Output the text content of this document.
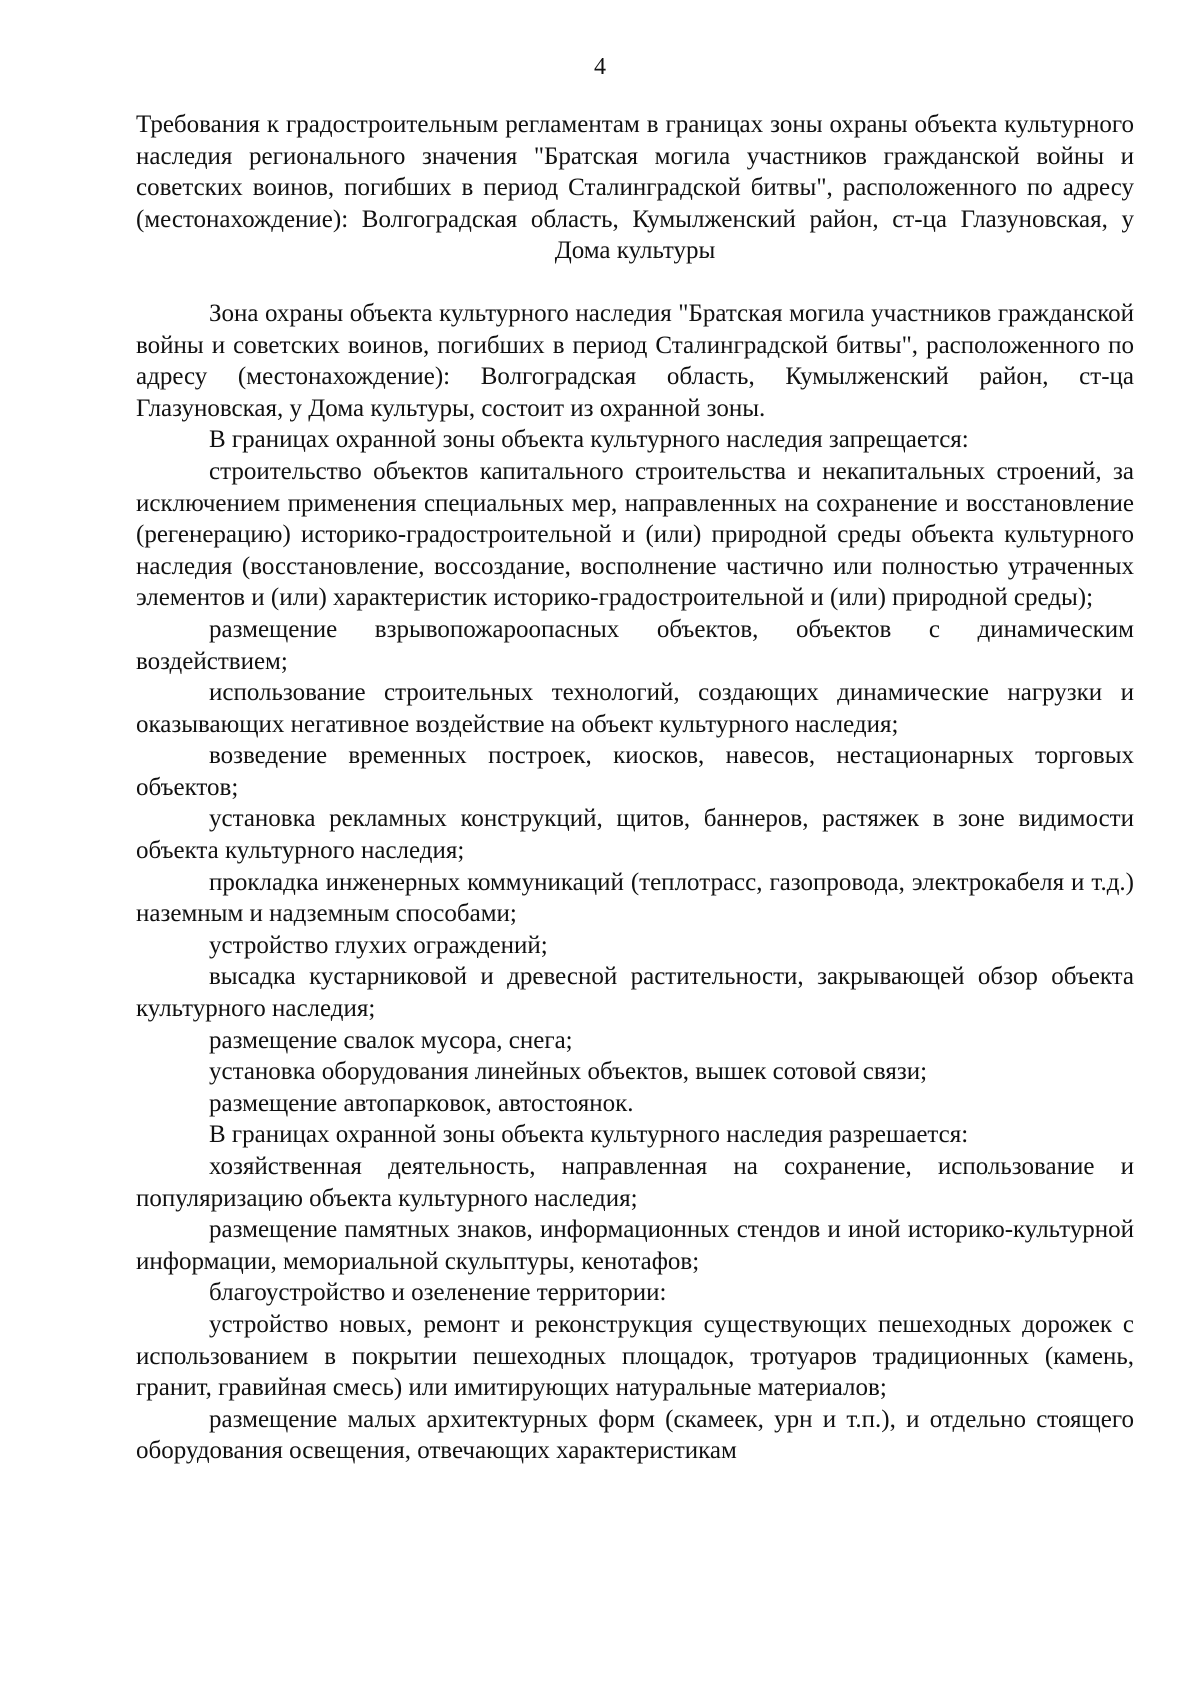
4

Требования к градостроительным регламентам в границах зоны охраны объекта культурного наследия регионального значения "Братская могила участников гражданской войны и советских воинов, погибших в период Сталинградской битвы", расположенного по адресу (местонахождение): Волгоградская область, Кумылженский район, ст-ца Глазуновская, у Дома культуры

Зона охраны объекта культурного наследия "Братская могила участников гражданской войны и советских воинов, погибших в период Сталинградской битвы", расположенного по адресу (местонахождение): Волгоградская область, Кумылженский район, ст-ца Глазуновская, у Дома культуры, состоит из охранной зоны.

В границах охранной зоны объекта культурного наследия запрещается:

строительство объектов капитального строительства и некапитальных строений, за исключением применения специальных мер, направленных на сохранение и восстановление (регенерацию) историко-градостроительной и (или) природной среды объекта культурного наследия (восстановление, воссоздание, восполнение частично или полностью утраченных элементов и (или) характеристик историко-градостроительной и (или) природной среды);

размещение взрывопожароопасных объектов, объектов с динамическим воздействием;

использование строительных технологий, создающих динамические нагрузки и оказывающих негативное воздействие на объект культурного наследия;

возведение временных построек, киосков, навесов, нестационарных торговых объектов;

установка рекламных конструкций, щитов, баннеров, растяжек в зоне видимости объекта культурного наследия;

прокладка инженерных коммуникаций (теплотрасс, газопровода, электрокабеля и т.д.) наземным и надземным способами;

устройство глухих ограждений;

высадка кустарниковой и древесной растительности, закрывающей обзор объекта культурного наследия;

размещение свалок мусора, снега;

установка оборудования линейных объектов, вышек сотовой связи;

размещение автопарковок, автостоянок.

В границах охранной зоны объекта культурного наследия разрешается:

хозяйственная деятельность, направленная на сохранение, использование и популяризацию объекта культурного наследия;

размещение памятных знаков, информационных стендов и иной историко-культурной информации, мемориальной скульптуры, кенотафов;

благоустройство и озеленение территории:

устройство новых, ремонт и реконструкция существующих пешеходных дорожек с использованием в покрытии пешеходных площадок, тротуаров традиционных (камень, гранит, гравийная смесь) или имитирующих натуральные материалов;

размещение малых архитектурных форм (скамеек, урн и т.п.), и отдельно стоящего оборудования освещения, отвечающих характеристикам
